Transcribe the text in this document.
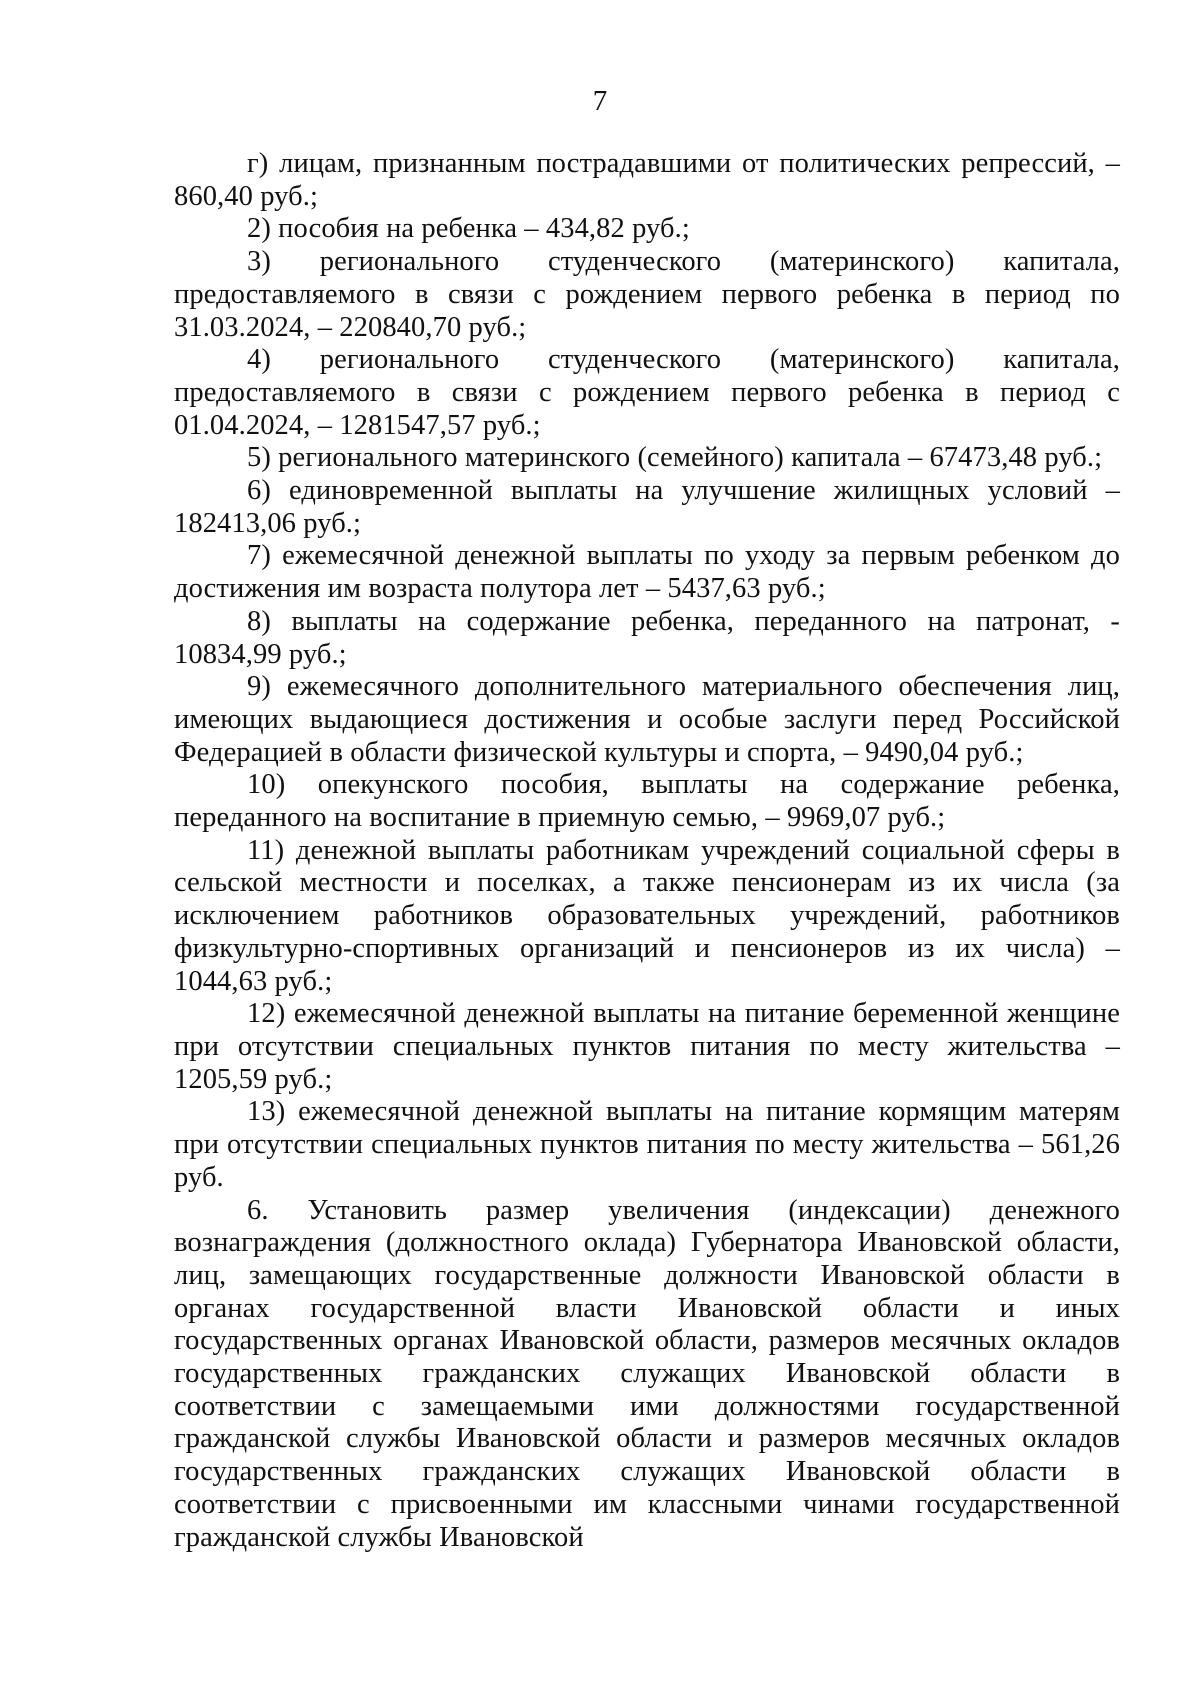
7

г) лицам, признанным пострадавшими от политических репрессий, – 860,40 руб.;

2) пособия на ребенка – 434,82 руб.;

3) регионального студенческого (материнского) капитала, предоставляемого в связи с рождением первого ребенка в период по 31.03.2024, – 220840,70 руб.;

4) регионального студенческого (материнского) капитала, предоставляемого в связи с рождением первого ребенка в период с 01.04.2024, – 1281547,57 руб.;

5) регионального материнского (семейного) капитала – 67473,48 руб.;

6) единовременной выплаты на улучшение жилищных условий – 182413,06 руб.;

7) ежемесячной денежной выплаты по уходу за первым ребенком до достижения им возраста полутора лет – 5437,63 руб.;

8) выплаты на содержание ребенка, переданного на патронат, - 10834,99 руб.;

9) ежемесячного дополнительного материального обеспечения лиц, имеющих выдающиеся достижения и особые заслуги перед Российской Федерацией в области физической культуры и спорта, – 9490,04 руб.;

10) опекунского пособия, выплаты на содержание ребенка, переданного на воспитание в приемную семью, – 9969,07 руб.;

11) денежной выплаты работникам учреждений социальной сферы в сельской местности и поселках, а также пенсионерам из их числа (за исключением работников образовательных учреждений, работников физкультурно-спортивных организаций и пенсионеров из их числа) – 1044,63 руб.;

12) ежемесячной денежной выплаты на питание беременной женщине при отсутствии специальных пунктов питания по месту жительства – 1205,59 руб.;

13) ежемесячной денежной выплаты на питание кормящим матерям при отсутствии специальных пунктов питания по месту жительства – 561,26 руб.

6. Установить размер увеличения (индексации) денежного вознаграждения (должностного оклада) Губернатора Ивановской области, лиц, замещающих государственные должности Ивановской области в органах государственной власти Ивановской области и иных государственных органах Ивановской области, размеров месячных окладов государственных гражданских служащих Ивановской области в соответствии с замещаемыми ими должностями государственной гражданской службы Ивановской области и размеров месячных окладов государственных гражданских служащих Ивановской области в соответствии с присвоенными им классными чинами государственной гражданской службы Ивановской
